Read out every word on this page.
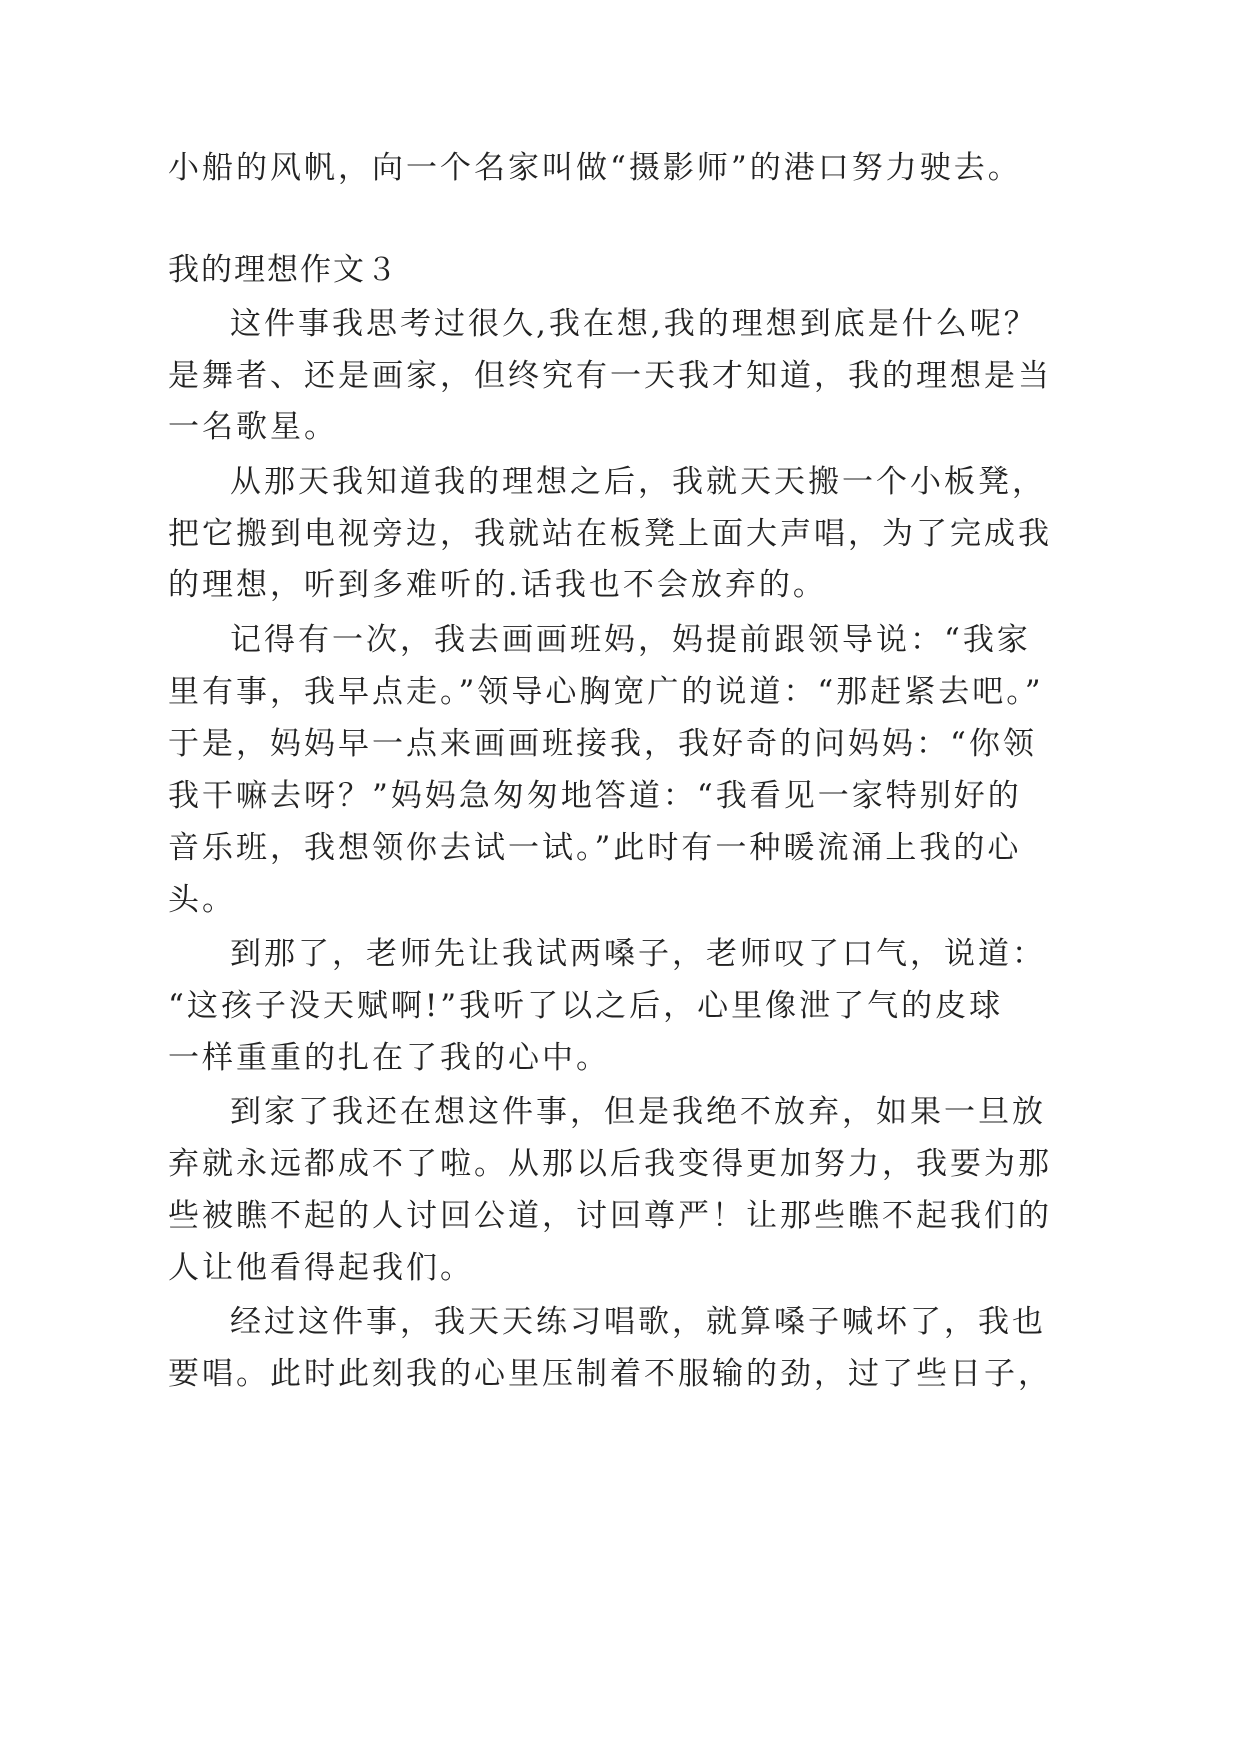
小船的风帆，向一个名家叫做“摄影师”的港口努力驶去。

我的理想作文３

这件事我思考过很久,我在想,我的理想到底是什么呢？

是舞者、还是画家，但终究有一天我才知道，我的理想是当

一名歌星。

从那天我知道我的理想之后，我就天天搬一个小板凳，

把它搬到电视旁边，我就站在板凳上面大声唱，为了完成我

的理想，听到多难听的.话我也不会放弃的。

记得有一次，我去画画班妈，妈提前跟领导说：“我家

里有事，我早点走。”领导心胸宽广的说道：“那赶紧去吧。”

于是，妈妈早一点来画画班接我，我好奇的问妈妈：“你领

我干嘛去呀？”妈妈急匆匆地答道：“我看见一家特别好的

音乐班，我想领你去试一试。”此时有一种暖流涌上我的心

头。

到那了，老师先让我试两嗓子，老师叹了口气，说道：

“这孩子没天赋啊!”我听了以之后，心里像泄了气的皮球

一样重重的扎在了我的心中。

到家了我还在想这件事，但是我绝不放弃，如果一旦放

弃就永远都成不了啦。从那以后我变得更加努力，我要为那

些被瞧不起的人讨回公道，讨回尊严！让那些瞧不起我们的

人让他看得起我们。

经过这件事，我天天练习唱歌，就算嗓子喊坏了，我也

要唱。此时此刻我的心里压制着不服输的劲，过了些日子，
